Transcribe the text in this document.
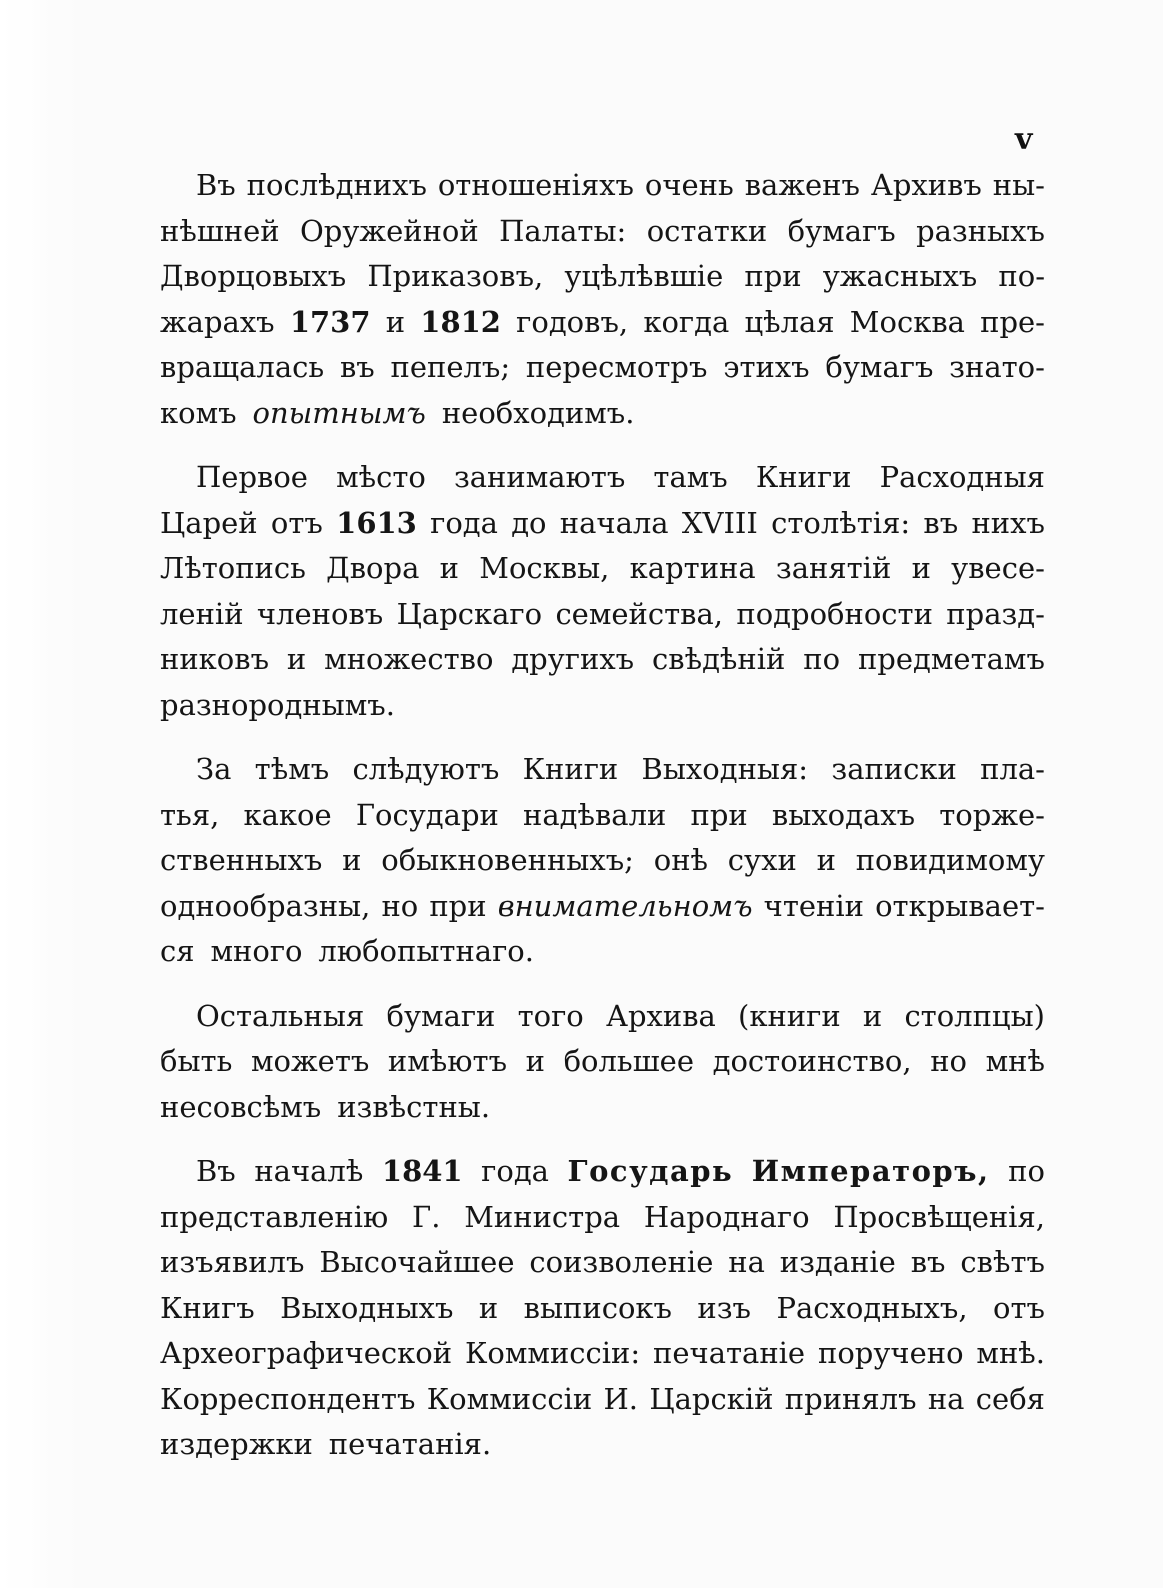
v
Въ послѣднихъ отношеніяхъ очень важенъ Архивъ ны-
нѣшней Оружейной Палаты: остатки бумагъ разныхъ
Дворцовыхъ Приказовъ, уцѣлѣвшіе при ужасныхъ по-
жарахъ 1737 и 1812 годовъ, когда цѣлая Москва пре-
вращалась въ пепелъ; пересмотръ этихъ бумагъ знато-
комъ опытнымъ необходимъ.
Первое мѣсто занимаютъ тамъ Книги Расходныя
Царей отъ 1613 года до начала XVIII столѣтія: въ нихъ
Лѣтопись Двора и Москвы, картина занятій и увесе-
леній членовъ Царскаго семейства, подробности празд-
никовъ и множество другихъ свѣдѣній по предметамъ
разнороднымъ.
За тѣмъ слѣдуютъ Книги Выходныя: записки пла-
тья, какое Государи надѣвали при выходахъ торже-
ственныхъ и обыкновенныхъ; онѣ сухи и повидимому
однообразны, но при внимательномъ чтеніи открывает-
ся много любопытнаго.
Остальныя бумаги того Архива (книги и столпцы)
быть можетъ имѣютъ и большее достоинство, но мнѣ
несовсѣмъ извѣстны.
Въ началѣ 1841 года Государь Императоръ, по
представленію Г. Министра Народнаго Просвѣщенія,
изъявилъ Высочайшее соизволеніе на изданіе въ свѣтъ
Книгъ Выходныхъ и выписокъ изъ Расходныхъ, отъ
Археографической Коммиссіи: печатаніе поручено мнѣ.
Корреспондентъ Коммиссіи И. Царскій принялъ на себя
издержки печатанія.
